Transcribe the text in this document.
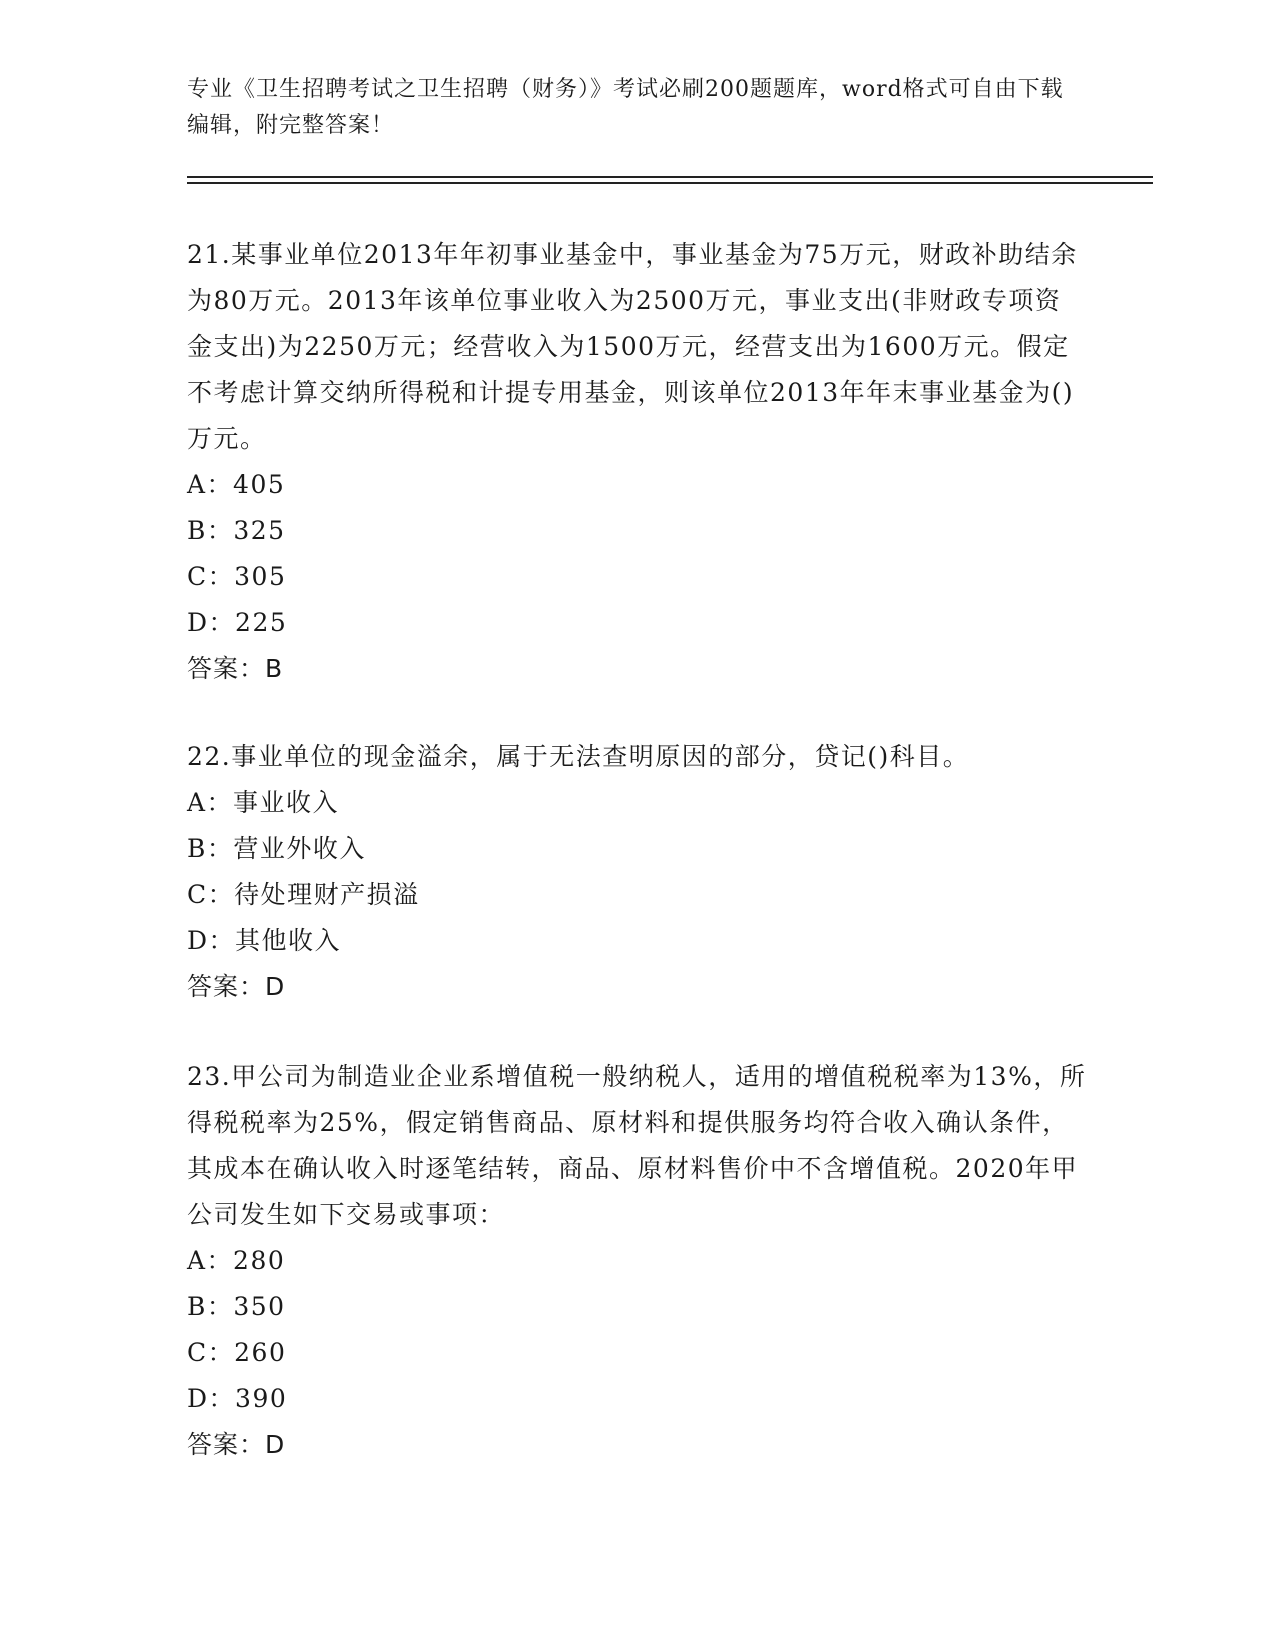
专业《卫生招聘考试之卫生招聘（财务）》考试必刷200题题库，word格式可自由下载编辑，附完整答案！

21.某事业单位2013年年初事业基金中，事业基金为75万元，财政补助结余为80万元。2013年该单位事业收入为2500万元，事业支出(非财政专项资金支出)为2250万元；经营收入为1500万元，经营支出为1600万元。假定不考虑计算交纳所得税和计提专用基金，则该单位2013年年末事业基金为()万元。

A：405
B：325
C：305
D：225
答案：B

22.事业单位的现金溢余，属于无法查明原因的部分，贷记()科目。

A：事业收入
B：营业外收入
C：待处理财产损溢
D：其他收入
答案：D

23.甲公司为制造业企业系增值税一般纳税人，适用的增值税税率为13%，所得税税率为25%，假定销售商品、原材料和提供服务均符合收入确认条件，其成本在确认收入时逐笔结转，商品、原材料售价中不含增值税。2020年甲公司发生如下交易或事项：

A：280
B：350
C：260
D：390
答案：D
